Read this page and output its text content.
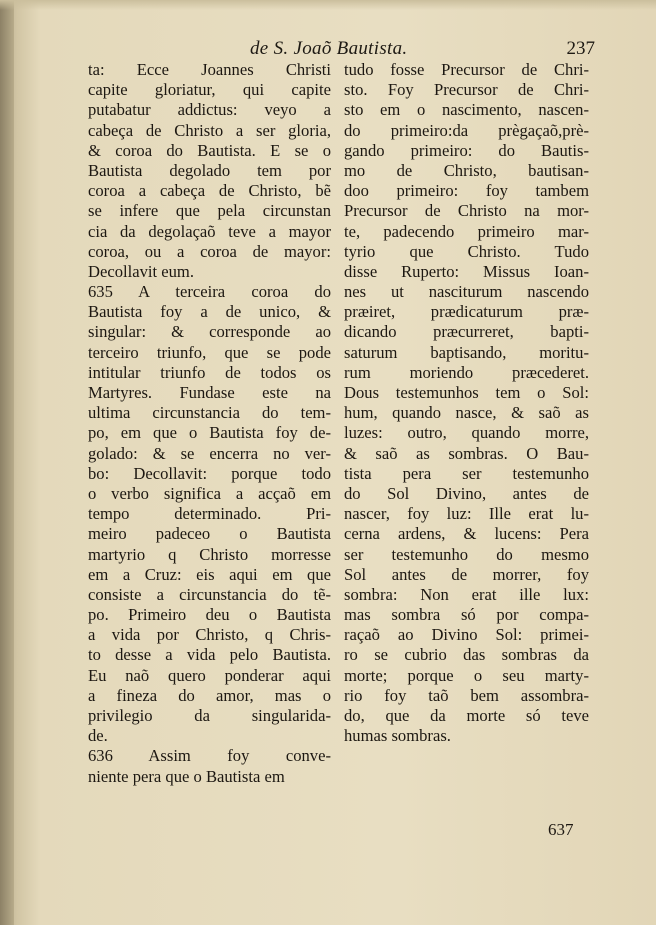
de S. Joaõ Bautista.	237
ta: Ecce Joannes Christi
capite gloriatur, qui capite
putabatur addictus: veyo a
cabeça de Christo a ser gloria,
& coroa do Bautista. E se o
Bautista degolado tem por
coroa a cabeça de Christo, bẽ
se infere que pela circunstan
cia da degolaçaõ teve a mayor
coroa, ou a coroa de mayor:
Decollavit eum.
635 A terceira coroa do
Bautista foy a de unico, &
singular: & corresponde ao
terceiro triunfo, que se pode
intitular triunfo de todos os
Martyres. Fundase este na
ultima circunstancia do tem-
po, em que o Bautista foy de-
golado: & se encerra no ver-
bo: Decollavit: porque todo
o verbo significa a acçaõ em
tempo determinado. Pri-
meiro padeceo o Bautista
martyrio q Christo morresse
em a Cruz: eis aqui em que
consiste a circunstancia do tẽ-
po. Primeiro deu o Bautista
a vida por Christo, q Chris-
to desse a vida pelo Bautista.
Eu naõ quero ponderar aqui
a fineza do amor, mas o
privilegio da singularida-
de.
636 Assim foy conve-
niente pera que o Bautista em
tudo fosse Precursor de Chri-
sto. Foy Precursor de Chri-
sto em o nascimento, nascen-
do primeiro:da prègaçaõ,prè-
gando primeiro: do Bautis-
mo de Christo, bautisan-
doo primeiro: foy tambem
Precursor de Christo na mor-
te, padecendo primeiro mar-
tyrio que Christo. Tudo
disse Ruperto: Missus Ioan-
nes ut nasciturum nascendo
præiret, prædicaturum præ-
dicando præcurreret, bapti-
saturum baptisando, moritu-
rum moriendo præcederet.
Dous testemunhos tem o Sol:
hum, quando nasce, & saõ as
luzes: outro, quando morre,
& saõ as sombras. O Bau-
tista pera ser testemunho
do Sol Divino, antes de
nascer, foy luz: Ille erat lu-
cerna ardens, & lucens: Pera
ser testemunho do mesmo
Sol antes de morrer, foy
sombra: Non erat ille lux:
mas sombra só por compa-
raçaõ ao Divino Sol: primei-
ro se cubrio das sombras da
morte; porque o seu marty-
rio foy taõ bem assombra-
do, que da morte só teve
humas sombras.
637
